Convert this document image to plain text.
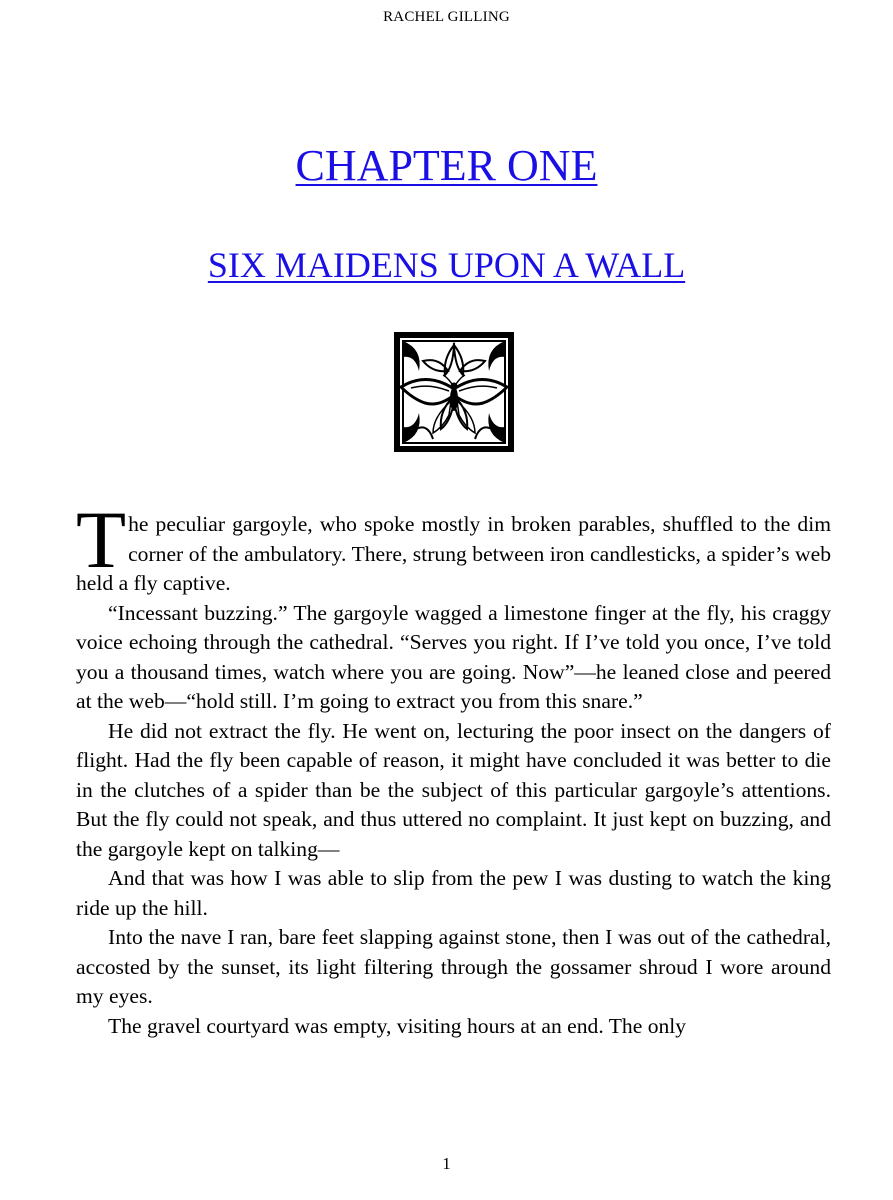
RACHEL GILLING
CHAPTER ONE
SIX MAIDENS UPON A WALL

T he peculiar gargoyle, who spoke mostly in broken parables, shuffled to the dim corner of the ambulatory. There, strung between iron candlesticks, a spider’s web held a fly captive.

“Incessant buzzing.” The gargoyle wagged a limestone finger at the fly, his craggy voice echoing through the cathedral. “Serves you right. If I’ve told you once, I’ve told you a thousand times, watch where you are going. Now”—he leaned close and peered at the web—“hold still. I’m going to extract you from this snare.”

He did not extract the fly. He went on, lecturing the poor insect on the dangers of flight. Had the fly been capable of reason, it might have concluded it was better to die in the clutches of a spider than be the subject of this particular gargoyle’s attentions. But the fly could not speak, and thus uttered no complaint. It just kept on buzzing, and the gargoyle kept on talking—

And that was how I was able to slip from the pew I was dusting to watch the king ride up the hill.

Into the nave I ran, bare feet slapping against stone, then I was out of the cathedral, accosted by the sunset, its light filtering through the gossamer shroud I wore around my eyes.

The gravel courtyard was empty, visiting hours at an end. The only

1
